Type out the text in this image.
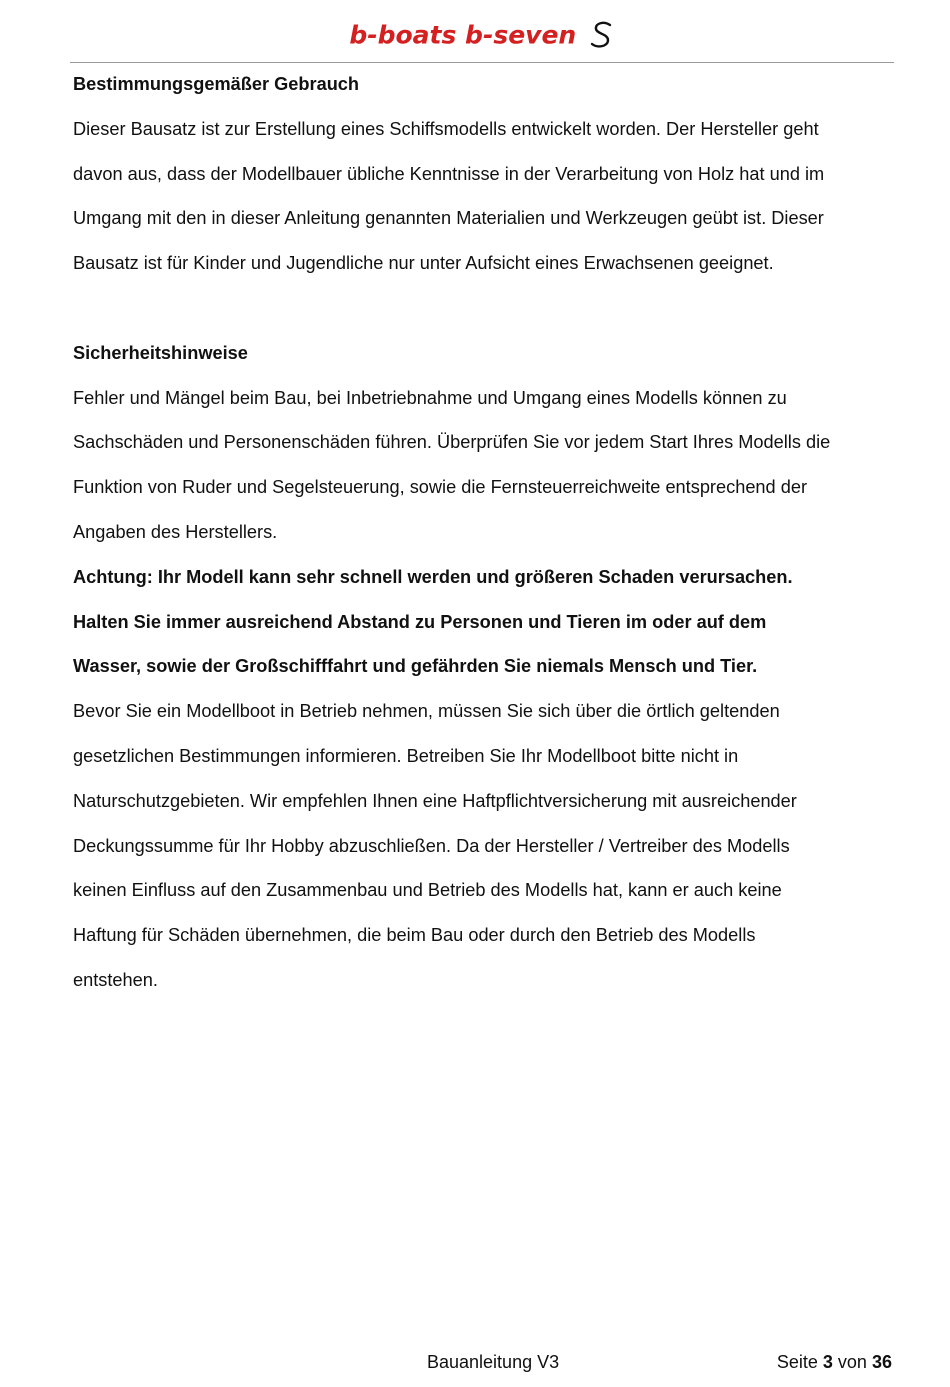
b-boats b-seven

Bestimmungsgemäßer Gebrauch

Dieser Bausatz ist zur Erstellung eines Schiffsmodells entwickelt worden. Der Hersteller geht

davon aus, dass der Modellbauer übliche Kenntnisse in der Verarbeitung von Holz hat und im

Umgang mit den in dieser Anleitung genannten Materialien und Werkzeugen geübt ist. Dieser

Bausatz ist für Kinder und Jugendliche nur unter Aufsicht eines Erwachsenen geeignet.

Sicherheitshinweise

Fehler und Mängel beim Bau, bei Inbetriebnahme und Umgang eines Modells können zu

Sachschäden und Personenschäden führen. Überprüfen Sie vor jedem Start Ihres Modells die

Funktion von Ruder und Segelsteuerung, sowie die Fernsteuerreichweite entsprechend der

Angaben des Herstellers.

Achtung: Ihr Modell kann sehr schnell werden und größeren Schaden verursachen.

Halten Sie immer ausreichend Abstand zu Personen und Tieren im oder auf dem

Wasser, sowie der Großschifffahrt und gefährden Sie niemals Mensch und Tier.

Bevor Sie ein Modellboot in Betrieb nehmen, müssen Sie sich über die örtlich geltenden

gesetzlichen Bestimmungen informieren. Betreiben Sie Ihr Modellboot bitte nicht in

Naturschutzgebieten. Wir empfehlen Ihnen eine Haftpflichtversicherung mit ausreichender

Deckungssumme für Ihr Hobby abzuschließen. Da der Hersteller / Vertreiber des Modells

keinen Einfluss auf den Zusammenbau und Betrieb des Modells hat, kann er auch keine

Haftung für Schäden übernehmen, die beim Bau oder durch den Betrieb des Modells

entstehen.

Bauanleitung V3	Seite 3 von 36
